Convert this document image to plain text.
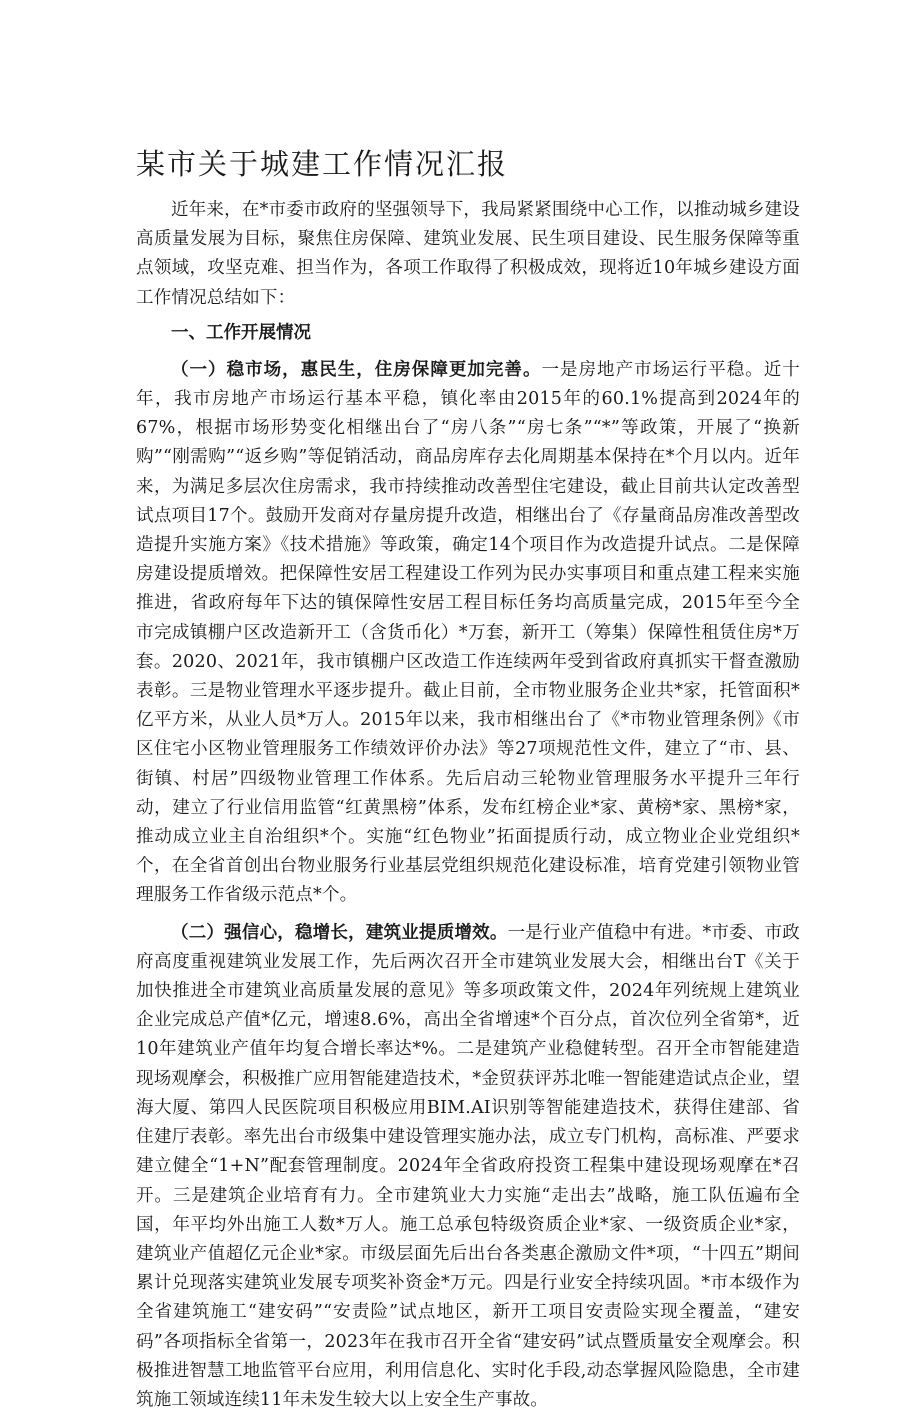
某市关于城建工作情况汇报

近年来，在*市委市政府的坚强领导下，我局紧紧围绕中心工作，以推动城乡建设高质量发展为目标，聚焦住房保障、建筑业发展、民生项目建设、民生服务保障等重点领域，攻坚克难、担当作为，各项工作取得了积极成效，现将近10年城乡建设方面工作情况总结如下：

一、工作开展情况

（一）稳市场，惠民生，住房保障更加完善。一是房地产市场运行平稳。近十年，我市房地产市场运行基本平稳，镇化率由2015年的60.1%提高到2024年的67%，根据市场形势变化相继出台了“房八条”“房七条”“*”等政策，开展了“换新购”“刚需购”“返乡购”等促销活动，商品房库存去化周期基本保持在*个月以内。近年来，为满足多层次住房需求，我市持续推动改善型住宅建设，截止目前共认定改善型试点项目17个。鼓励开发商对存量房提升改造，相继出台了《存量商品房准改善型改造提升实施方案》《技术措施》等政策，确定14个项目作为改造提升试点。二是保障房建设提质增效。把保障性安居工程建设工作列为民办实事项目和重点建工程来实施推进，省政府每年下达的镇保障性安居工程目标任务均高质量完成，2015年至今全市完成镇棚户区改造新开工（含货币化）*万套，新开工（筹集）保障性租赁住房*万套。2020、2021年，我市镇棚户区改造工作连续两年受到省政府真抓实干督查激励表彰。三是物业管理水平逐步提升。截止目前，全市物业服务企业共*家，托管面积*亿平方米，从业人员*万人。2015年以来，我市相继出台了《*市物业管理条例》《市区住宅小区物业管理服务工作绩效评价办法》等27项规范性文件，建立了“市、县、街镇、村居”四级物业管理工作体系。先后启动三轮物业管理服务水平提升三年行动，建立了行业信用监管“红黄黑榜”体系，发布红榜企业*家、黄榜*家、黑榜*家，推动成立业主自治组织*个。实施“红色物业”拓面提质行动，成立物业企业党组织*个，在全省首创出台物业服务行业基层党组织规范化建设标准，培育党建引领物业管理服务工作省级示范点*个。

（二）强信心，稳增长，建筑业提质增效。一是行业产值稳中有进。*市委、市政府高度重视建筑业发展工作，先后两次召开全市建筑业发展大会，相继出台T《关于加快推进全市建筑业高质量发展的意见》等多项政策文件，2024年列统规上建筑业企业完成总产值*亿元，增速8.6%，高出全省增速*个百分点，首次位列全省第*，近10年建筑业产值年均复合增长率达*%。二是建筑产业稳健转型。召开全市智能建造现场观摩会，积极推广应用智能建造技术，*金贸获评苏北唯一智能建造试点企业，望海大厦、第四人民医院项目积极应用BIM.AI识别等智能建造技术，获得住建部、省住建厅表彰。率先出台市级集中建设管理实施办法，成立专门机构，高标准、严要求建立健全“1+N”配套管理制度。2024年全省政府投资工程集中建设现场观摩在*召开。三是建筑企业培育有力。全市建筑业大力实施“走出去”战略，施工队伍遍布全国，年平均外出施工人数*万人。施工总承包特级资质企业*家、一级资质企业*家，建筑业产值超亿元企业*家。市级层面先后出台各类惠企激励文件*项，“十四五”期间累计兑现落实建筑业发展专项奖补资金*万元。四是行业安全持续巩固。*市本级作为全省建筑施工“建安码”“安责险”试点地区，新开工项目安责险实现全覆盖，“建安码”各项指标全省第一，2023年在我市召开全省“建安码”试点暨质量安全观摩会。积极推进智慧工地监管平台应用，利用信息化、实时化手段,动态掌握风险隐患，全市建筑施工领域连续11年未发生较大以上安全生产事故。
